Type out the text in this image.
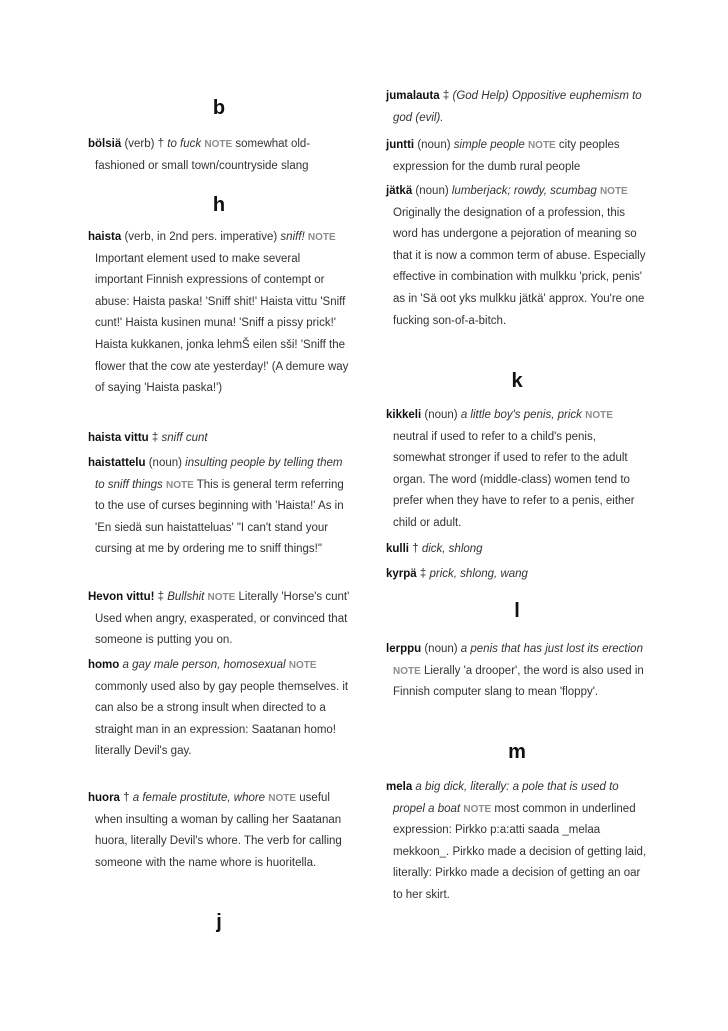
b
bölsiä (verb) † to fuck NOTE somewhat old-fashioned or small town/countryside slang
h
haista (verb, in 2nd pers. imperative) sniff! NOTE Important element used to make several important Finnish expressions of contempt or abuse: Haista paska! 'Sniff shit!' Haista vittu 'Sniff cunt!' Haista kusinen muna! 'Sniff a pissy prick!' Haista kukkanen, jonka lehmŠ eilen sši! 'Sniff the flower that the cow ate yesterday!' (A demure way of saying 'Haista paska!')
haista vittu ‡ sniff cunt
haistattelu (noun) insulting people by telling them to sniff things NOTE This is general term referring to the use of curses beginning with 'Haista!' As in 'En siedä sun haistatteluas' "I can't stand your cursing at me by ordering me to sniff things!"
Hevon vittu! ‡ Bullshit NOTE Literally 'Horse's cunt' Used when angry, exasperated, or convinced that someone is putting you on.
homo a gay male person, homosexual NOTE commonly used also by gay people themselves. it can also be a strong insult when directed to a straight man in an expression: Saatanan homo! literally Devil's gay.
huora † a female prostitute, whore NOTE useful when insulting a woman by calling her Saatanan huora, literally Devil's whore. The verb for calling someone with the name whore is huoritella.
j
jumalauta ‡ (God Help) Oppositive euphemism to god (evil).
juntti (noun) simple people NOTE city peoples expression for the dumb rural people
jätkä (noun) lumberjack; rowdy, scumbag NOTE Originally the designation of a profession, this word has undergone a pejoration of meaning so that it is now a common term of abuse. Especially effective in combination with mulkku 'prick, penis' as in 'Sä oot yks mulkku jätkä' approx. You're one fucking son-of-a-bitch.
k
kikkeli (noun) a little boy's penis, prick NOTE neutral if used to refer to a child's penis, somewhat stronger if used to refer to the adult organ. The word (middle-class) women tend to prefer when they have to refer to a penis, either child or adult.
kulli † dick, shlong
kyrpä ‡ prick, shlong, wang
l
lerppu (noun) a penis that has just lost its erection NOTE Lierally 'a drooper', the word is also used in Finnish computer slang to mean 'floppy'.
m
mela a big dick, literally: a pole that is used to propel a boat NOTE most common in underlined expression: Pirkko p:a:atti saada _melaa mekkoon_. Pirkko made a decision of getting laid, literally: Pirkko made a decision of getting an oar to her skirt.
